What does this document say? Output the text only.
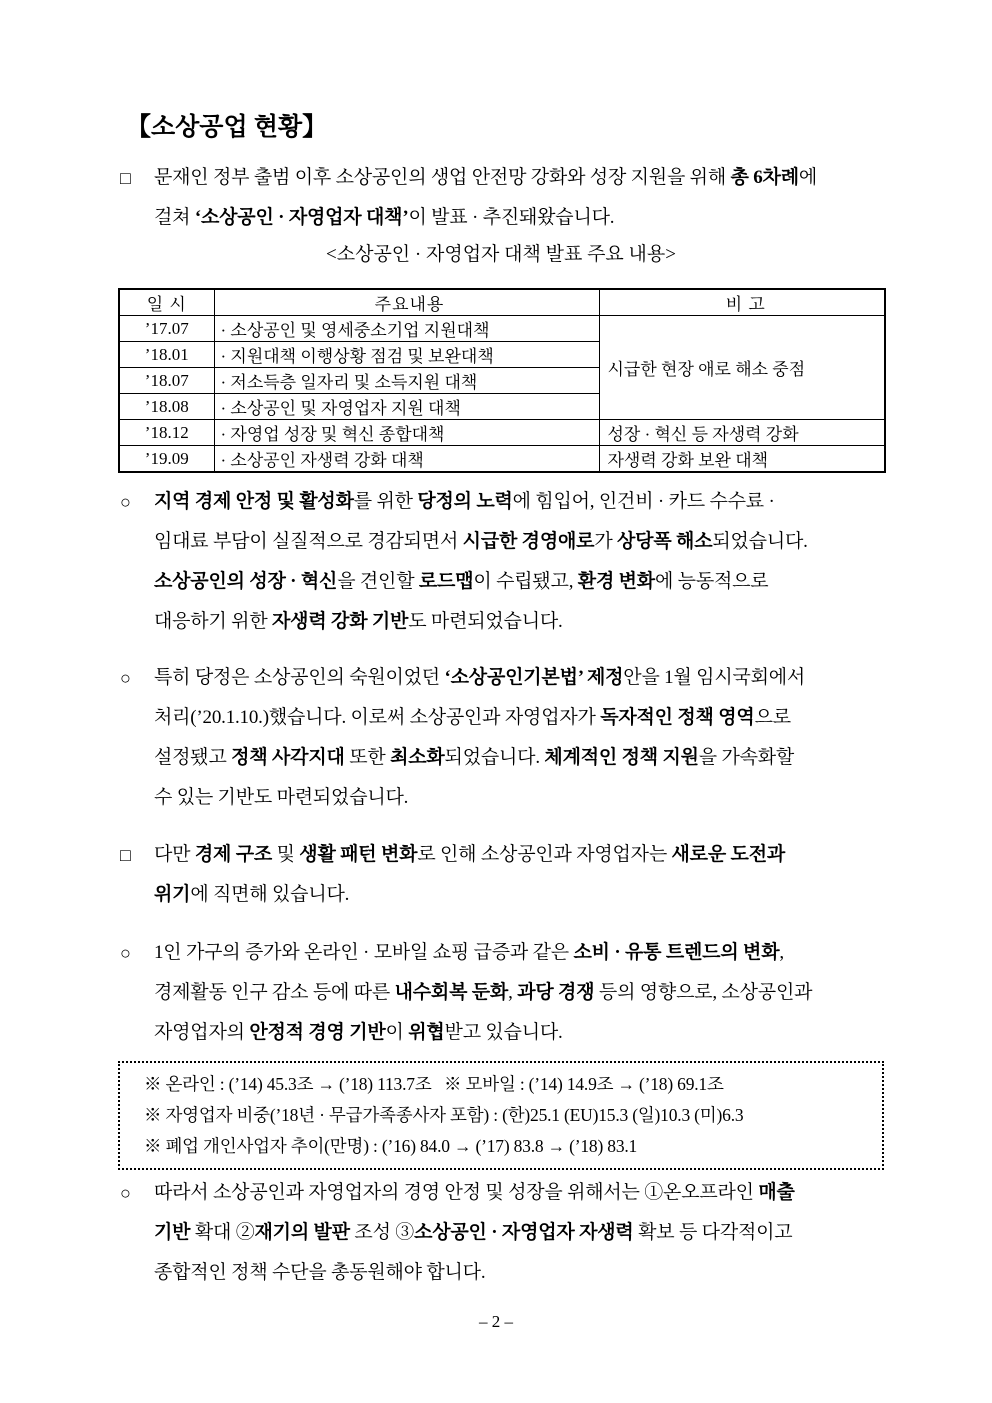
【소상공업 현황】
□ 문재인 정부 출범 이후 소상공인의 생업 안전망 강화와 성장 지원을 위해 총 6차례에
걸쳐 ‘소상공인 · 자영업자 대책’이 발표 · 추진돼왔습니다.
<소상공인 · 자영업자 대책 발표 주요 내용>
일 시	주요내용	비 고
’17.07	· 소상공인 및 영세중소기업 지원대책	시급한 현장 애로 해소 중점
’18.01	· 지원대책 이행상황 점검 및 보완대책	
’18.07	· 저소득층 일자리 및 소득지원 대책	
’18.08	· 소상공인 및 자영업자 지원 대책	
’18.12	· 자영업 성장 및 혁신 종합대책	성장 · 혁신 등 자생력 강화
’19.09	· 소상공인 자생력 강화 대책	자생력 강화 보완 대책
○ 지역 경제 안정 및 활성화를 위한 당정의 노력에 힘입어, 인건비 · 카드 수수료 ·
임대료 부담이 실질적으로 경감되면서 시급한 경영애로가 상당폭 해소되었습니다.
소상공인의 성장 · 혁신을 견인할 로드맵이 수립됐고, 환경 변화에 능동적으로
대응하기 위한 자생력 강화 기반도 마련되었습니다.
○ 특히 당정은 소상공인의 숙원이었던 ‘소상공인기본법’ 제정안을 1월 임시국회에서
처리(’20.1.10.)했습니다. 이로써 소상공인과 자영업자가 독자적인 정책 영역으로
설정됐고 정책 사각지대 또한 최소화되었습니다. 체계적인 정책 지원을 가속화할
수 있는 기반도 마련되었습니다.
□ 다만 경제 구조 및 생활 패턴 변화로 인해 소상공인과 자영업자는 새로운 도전과
위기에 직면해 있습니다.
○ 1인 가구의 증가와 온라인 · 모바일 쇼핑 급증과 같은 소비 · 유통 트렌드의 변화,
경제활동 인구 감소 등에 따른 내수회복 둔화, 과당 경쟁 등의 영향으로, 소상공인과
자영업자의 안정적 경영 기반이 위협받고 있습니다.
※ 온라인 : (’14) 45.3조 → (’18) 113.7조   ※ 모바일 : (’14) 14.9조 → (’18) 69.1조
※ 자영업자 비중(’18년 · 무급가족종사자 포함) : (한)25.1 (EU)15.3 (일)10.3 (미)6.3
※ 폐업 개인사업자 추이(만명) : (’16) 84.0 → (’17) 83.8 → (’18) 83.1
○ 따라서 소상공인과 자영업자의 경영 안정 및 성장을 위해서는 ①온오프라인 매출
기반 확대 ②재기의 발판 조성 ③소상공인 · 자영업자 자생력 확보 등 다각적이고
종합적인 정책 수단을 총동원해야 합니다.
– 2 –
